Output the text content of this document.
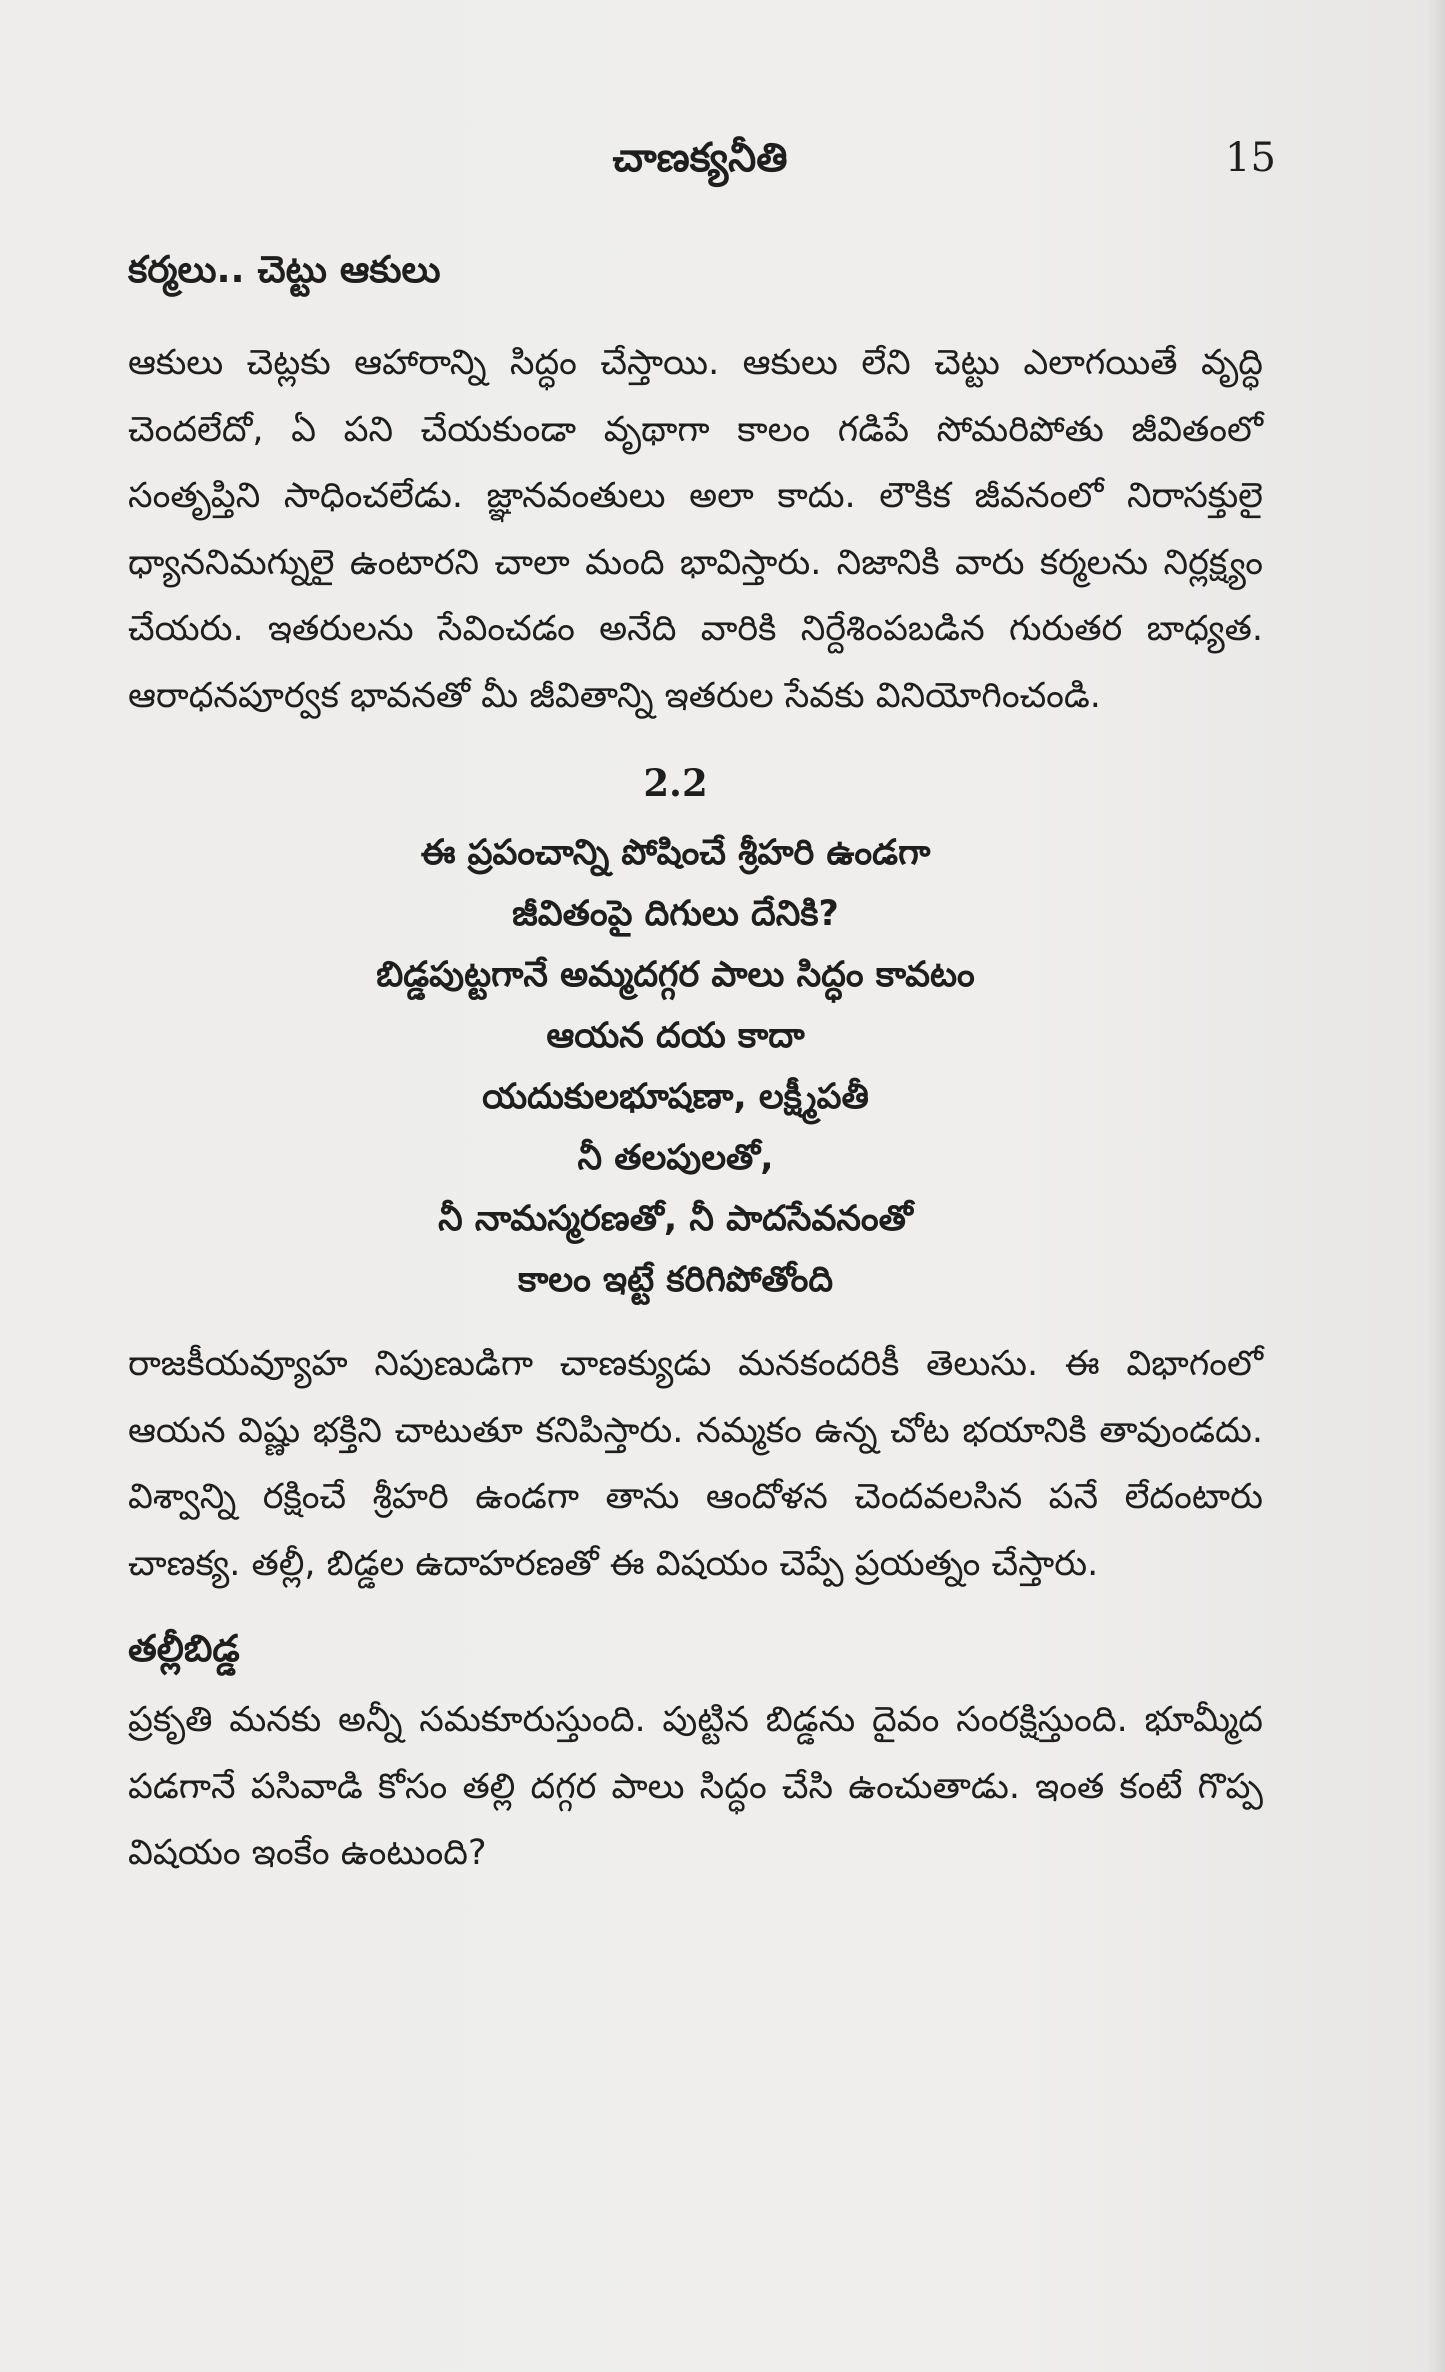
చాణక్యనీతి	15
కర్మలు.. చెట్టు ఆకులు

ఆకులు చెట్లకు ఆహారాన్ని సిద్ధం చేస్తాయి. ఆకులు లేని చెట్టు ఎలాగయితే వృద్ధి చెందలేదో, ఏ పని చేయకుండా వృథాగా కాలం గడిపే సోమరిపోతు జీవితంలో సంతృప్తిని సాధించలేడు. జ్ఞానవంతులు అలా కాదు. లౌకిక జీవనంలో నిరాసక్తులై ధ్యాననిమగ్నులై ఉంటారని చాలా మంది భావిస్తారు. నిజానికి వారు కర్మలను నిర్లక్ష్యం చేయరు. ఇతరులను సేవించడం అనేది వారికి నిర్దేశింపబడిన గురుతర బాధ్యత. ఆరాధనపూర్వక భావనతో మీ జీవితాన్ని ఇతరుల సేవకు వినియోగించండి.

2.2
ఈ ప్రపంచాన్ని పోషించే శ్రీహరి ఉండగా
జీవితంపై దిగులు దేనికి?
బిడ్డపుట్టగానే అమ్మదగ్గర పాలు సిద్ధం కావటం
ఆయన దయ కాదా
యదుకులభూషణా, లక్ష్మీపతీ
నీ తలపులతో,
నీ నామస్మరణతో, నీ పాదసేవనంతో
కాలం ఇట్టే కరిగిపోతోంది

రాజకీయవ్యూహ నిపుణుడిగా చాణక్యుడు మనకందరికీ తెలుసు. ఈ విభాగంలో ఆయన విష్ణు భక్తిని చాటుతూ కనిపిస్తారు. నమ్మకం ఉన్న చోట భయానికి తావుండదు. విశ్వాన్ని రక్షించే శ్రీహరి ఉండగా తాను ఆందోళన చెందవలసిన పనే లేదంటారు చాణక్య. తల్లీ, బిడ్డల ఉదాహరణతో ఈ విషయం చెప్పే ప్రయత్నం చేస్తారు.

తల్లీబిడ్డ

ప్రకృతి మనకు అన్నీ సమకూరుస్తుంది. పుట్టిన బిడ్డను దైవం సంరక్షిస్తుంది. భూమ్మీద పడగానే పసివాడి కోసం తల్లి దగ్గర పాలు సిద్ధం చేసి ఉంచుతాడు. ఇంత కంటే గొప్ప విషయం ఇంకేం ఉంటుంది?
